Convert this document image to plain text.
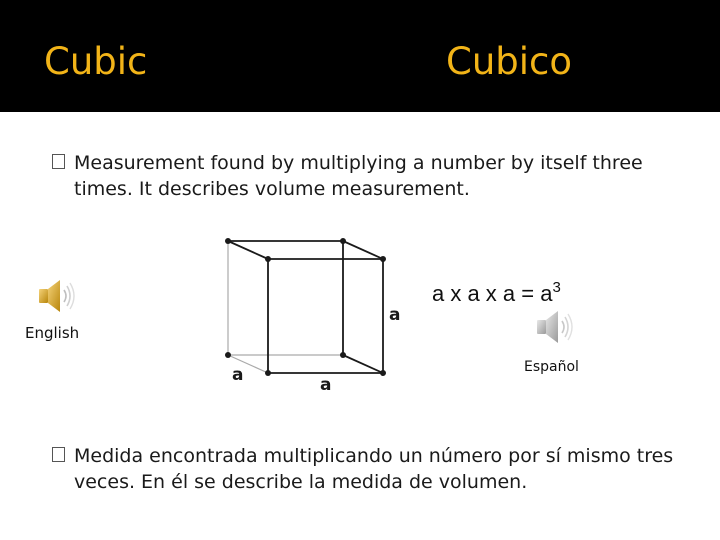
Cubic	Cubico
Measurement found by multiplying a number by itself three times. It describes volume measurement.
a
a	a
a x a x $a = a^3$
English
Español
Medida encontrada multiplicando un número por sí mismo tres veces. En él se describe la medida de volumen.
